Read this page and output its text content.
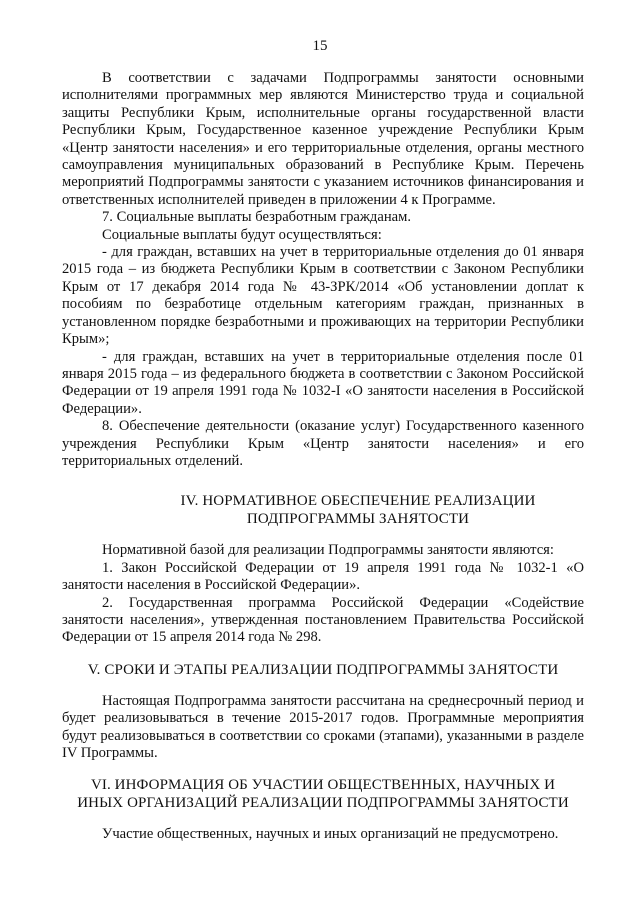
15

В соответствии с задачами Подпрограммы занятости основными исполнителями программных мер являются Министерство труда и социальной защиты Республики Крым, исполнительные органы государственной власти Республики Крым, Государственное казенное учреждение Республики Крым «Центр занятости населения» и его территориальные отделения, органы местного самоуправления муниципальных образований в Республике Крым. Перечень мероприятий Подпрограммы занятости с указанием источников финансирования и ответственных исполнителей приведен в приложении 4 к Программе.

7. Социальные выплаты безработным гражданам.

Социальные выплаты будут осуществляться:

- для граждан, вставших на учет в территориальные отделения до 01 января 2015 года – из бюджета Республики Крым в соответствии с Законом Республики Крым от 17 декабря 2014 года № 43-ЗРК/2014 «Об установлении доплат к пособиям по безработице отдельным категориям граждан, признанных в установленном порядке безработными и проживающих на территории Республики Крым»;

- для граждан, вставших на учет в территориальные отделения после 01 января 2015 года – из федерального бюджета в соответствии с Законом Российской Федерации от 19 апреля 1991 года № 1032-I «О занятости населения в Российской Федерации».

8. Обеспечение деятельности (оказание услуг) Государственного казенного учреждения Республики Крым «Центр занятости населения» и его территориальных отделений.

IV. НОРМАТИВНОЕ ОБЕСПЕЧЕНИЕ РЕАЛИЗАЦИИ

ПОДПРОГРАММЫ ЗАНЯТОСТИ

Нормативной базой для реализации Подпрограммы занятости являются:

1. Закон Российской Федерации от 19 апреля 1991 года № 1032-1 «О занятости населения в Российской Федерации».

2. Государственная программа Российской Федерации «Содействие занятости населения», утвержденная постановлением Правительства Российской Федерации от 15 апреля 2014 года № 298.

V. СРОКИ И ЭТАПЫ РЕАЛИЗАЦИИ ПОДПРОГРАММЫ ЗАНЯТОСТИ

Настоящая Подпрограмма занятости рассчитана на среднесрочный период и будет реализовываться в течение 2015-2017 годов. Программные мероприятия будут реализовываться в соответствии со сроками (этапами), указанными в разделе IV Программы.

VI. ИНФОРМАЦИЯ ОБ УЧАСТИИ ОБЩЕСТВЕННЫХ, НАУЧНЫХ И

ИНЫХ ОРГАНИЗАЦИЙ РЕАЛИЗАЦИИ ПОДПРОГРАММЫ ЗАНЯТОСТИ

Участие общественных, научных и иных организаций не предусмотрено.
